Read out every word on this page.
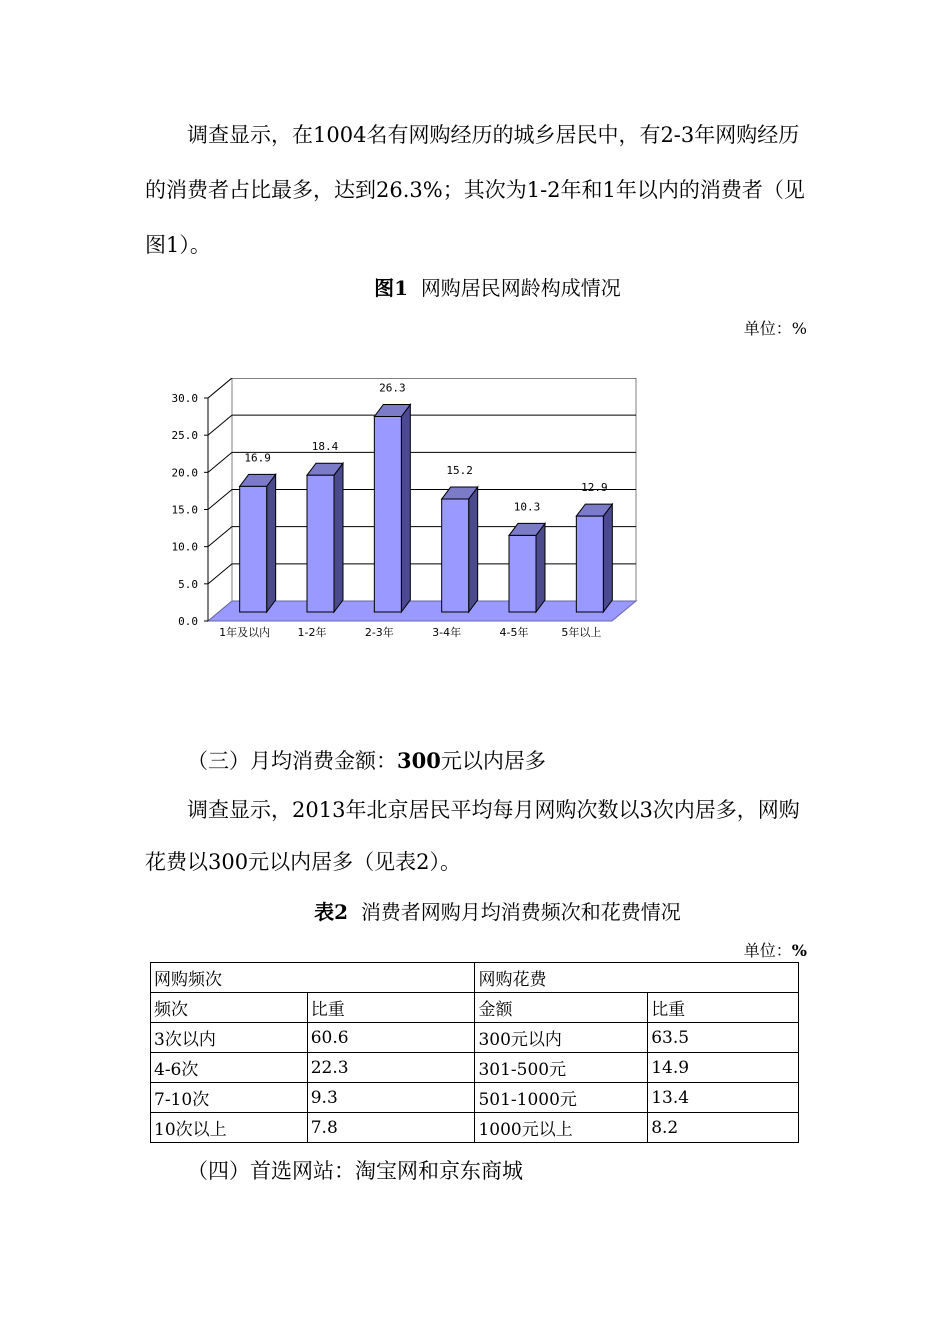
调查显示，在1004名有网购经历的城乡居民中，有2-3年网购经历的消费者占比最多，达到26.3%；其次为1-2年和1年以内的消费者（见图1）。

图1 网购居民网龄构成情况
单位：%
0.0
5.0
10.0
15.0
20.0
25.0
30.0
16.9
1年及以内
18.4
1-2年
26.3
2-3年
15.2
3-4年
10.3
4-5年
12.9
5年以上
（三）月均消费金额：300元以内居多

调查显示，2013年北京居民平均每月网购次数以3次内居多，网购花费以300元以内居多（见表2）。

表2 消费者网购月均消费频次和花费情况
单位：%
网购频次		网购花费	
频次	比重	金额	比重
3次以内	60.6	300元以内	63.5
4-6次	22.3	301-500元	14.9
7-10次	9.3	501-1000元	13.4
10次以上	7.8	1000元以上	8.2
（四）首选网站：淘宝网和京东商城
